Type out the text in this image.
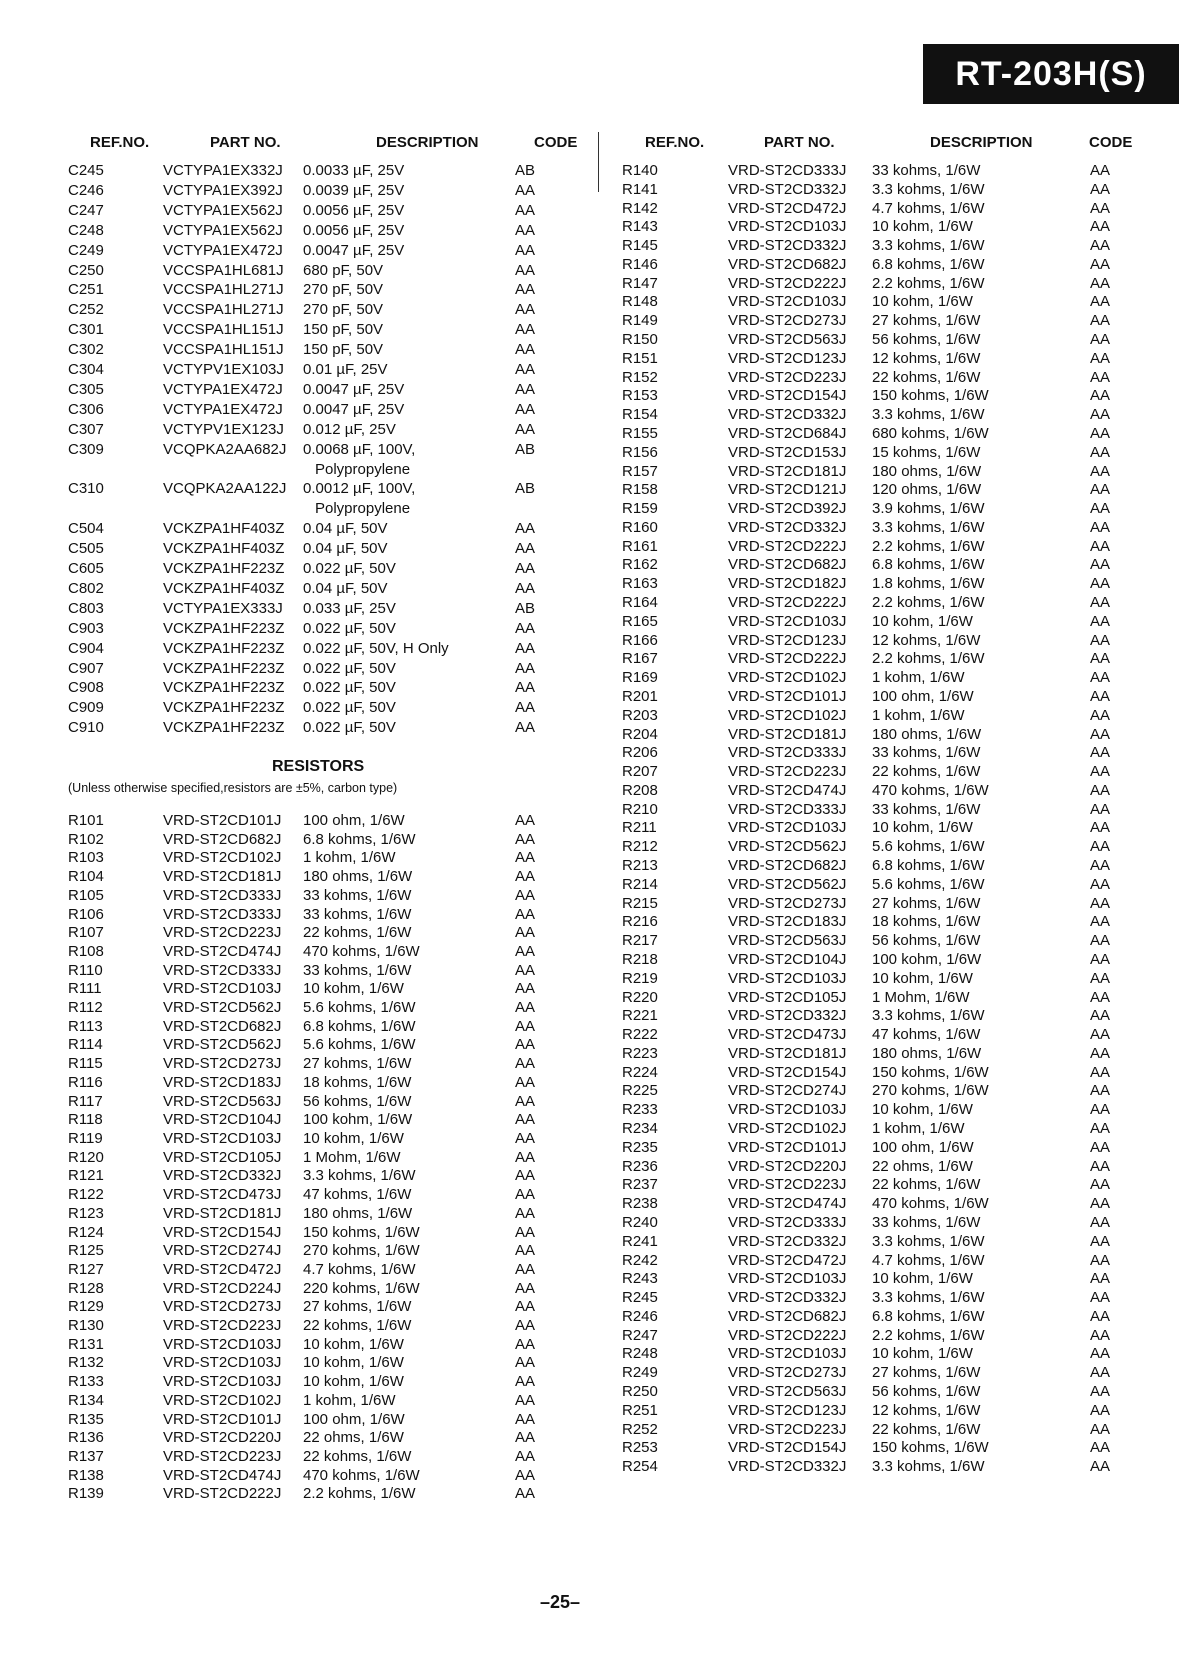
RT-203H(S)
REF.NO.	PART NO.	DESCRIPTION	CODE	REF.NO.	PART NO.	DESCRIPTION	CODE
C245	VCTYPA1EX332J 0.0033 µF, 25V	AB
C246	VCTYPA1EX392J 0.0039 µF, 25V	AA
C247	VCTYPA1EX562J 0.0056 µF, 25V	AA
C248	VCTYPA1EX562J 0.0056 µF, 25V	AA
C249	VCTYPA1EX472J 0.0047 µF, 25V	AA
C250	VCCSPA1HL681J 680 pF, 50V	AA
C251	VCCSPA1HL271J 270 pF, 50V	AA
C252	VCCSPA1HL271J 270 pF, 50V	AA
C301	VCCSPA1HL151J 150 pF, 50V	AA
C302	VCCSPA1HL151J 150 pF, 50V	AA
C304	VCTYPV1EX103J 0.01 µF, 25V	AA
C305	VCTYPA1EX472J 0.0047 µF, 25V	AA
C306	VCTYPA1EX472J 0.0047 µF, 25V	AA
C307	VCTYPV1EX123J 0.012 µF, 25V	AA
C309	VCQPKA2AA682J 0.0068 µF, 100V,	AB
Polypropylene
C310	VCQPKA2AA122J 0.0012 µF, 100V,	AB
Polypropylene
C504	VCKZPA1HF403Z 0.04 µF, 50V	AA
C505	VCKZPA1HF403Z 0.04 µF, 50V	AA
C605	VCKZPA1HF223Z 0.022 µF, 50V	AA
C802	VCKZPA1HF403Z 0.04 µF, 50V	AA
C803	VCTYPA1EX333J 0.033 µF, 25V	AB
C903	VCKZPA1HF223Z 0.022 µF, 50V	AA
C904	VCKZPA1HF223Z 0.022 µF, 50V, H Only	AA
C907	VCKZPA1HF223Z 0.022 µF, 50V	AA
C908	VCKZPA1HF223Z 0.022 µF, 50V	AA
C909	VCKZPA1HF223Z 0.022 µF, 50V	AA
C910	VCKZPA1HF223Z 0.022 µF, 50V	AA
R101	VRD-ST2CD101J 100 ohm, 1/6W	AA
R102	VRD-ST2CD682J 6.8 kohms, 1/6W	AA
R103	VRD-ST2CD102J 1 kohm, 1/6W	AA
R104	VRD-ST2CD181J 180 ohms, 1/6W	AA
R105	VRD-ST2CD333J 33 kohms, 1/6W	AA
R106	VRD-ST2CD333J 33 kohms, 1/6W	AA
R107	VRD-ST2CD223J 22 kohms, 1/6W	AA
R108	VRD-ST2CD474J 470 kohms, 1/6W	AA
R110	VRD-ST2CD333J 33 kohms, 1/6W	AA
R111	VRD-ST2CD103J 10 kohm, 1/6W	AA
R112	VRD-ST2CD562J 5.6 kohms, 1/6W	AA
R113	VRD-ST2CD682J 6.8 kohms, 1/6W	AA
R114	VRD-ST2CD562J 5.6 kohms, 1/6W	AA
R115	VRD-ST2CD273J 27 kohms, 1/6W	AA
R116	VRD-ST2CD183J 18 kohms, 1/6W	AA
R117	VRD-ST2CD563J 56 kohms, 1/6W	AA
R118	VRD-ST2CD104J 100 kohm, 1/6W	AA
R119	VRD-ST2CD103J 10 kohm, 1/6W	AA
R120	VRD-ST2CD105J 1 Mohm, 1/6W	AA
R121	VRD-ST2CD332J 3.3 kohms, 1/6W	AA
R122	VRD-ST2CD473J 47 kohms, 1/6W	AA
R123	VRD-ST2CD181J 180 ohms, 1/6W	AA
R124	VRD-ST2CD154J 150 kohms, 1/6W	AA
R125	VRD-ST2CD274J 270 kohms, 1/6W	AA
R127	VRD-ST2CD472J 4.7 kohms, 1/6W	AA
R128	VRD-ST2CD224J 220 kohms, 1/6W	AA
R129	VRD-ST2CD273J 27 kohms, 1/6W	AA
R130	VRD-ST2CD223J 22 kohms, 1/6W	AA
R131	VRD-ST2CD103J 10 kohm, 1/6W	AA
R132	VRD-ST2CD103J 10 kohm, 1/6W	AA
R133	VRD-ST2CD103J 10 kohm, 1/6W	AA
R134	VRD-ST2CD102J 1 kohm, 1/6W	AA
R135	VRD-ST2CD101J 100 ohm, 1/6W	AA
R136	VRD-ST2CD220J 22 ohms, 1/6W	AA
R137	VRD-ST2CD223J 22 kohms, 1/6W	AA
R138	VRD-ST2CD474J 470 kohms, 1/6W	AA
R139	VRD-ST2CD222J 2.2 kohms, 1/6W	AA
R140	VRD-ST2CD333J 33 kohms, 1/6W	AA
R141	VRD-ST2CD332J 3.3 kohms, 1/6W	AA
R142	VRD-ST2CD472J 4.7 kohms, 1/6W	AA
R143	VRD-ST2CD103J 10 kohm, 1/6W	AA
R145	VRD-ST2CD332J 3.3 kohms, 1/6W	AA
R146	VRD-ST2CD682J 6.8 kohms, 1/6W	AA
R147	VRD-ST2CD222J 2.2 kohms, 1/6W	AA
R148	VRD-ST2CD103J 10 kohm, 1/6W	AA
R149	VRD-ST2CD273J 27 kohms, 1/6W	AA
R150	VRD-ST2CD563J 56 kohms, 1/6W	AA
R151	VRD-ST2CD123J 12 kohms, 1/6W	AA
R152	VRD-ST2CD223J 22 kohms, 1/6W	AA
R153	VRD-ST2CD154J 150 kohms, 1/6W	AA
R154	VRD-ST2CD332J 3.3 kohms, 1/6W	AA
R155	VRD-ST2CD684J 680 kohms, 1/6W	AA
R156	VRD-ST2CD153J 15 kohms, 1/6W	AA
R157	VRD-ST2CD181J 180 ohms, 1/6W	AA
R158	VRD-ST2CD121J 120 ohms, 1/6W	AA
R159	VRD-ST2CD392J 3.9 kohms, 1/6W	AA
R160	VRD-ST2CD332J 3.3 kohms, 1/6W	AA
R161	VRD-ST2CD222J 2.2 kohms, 1/6W	AA
R162	VRD-ST2CD682J 6.8 kohms, 1/6W	AA
R163	VRD-ST2CD182J 1.8 kohms, 1/6W	AA
R164	VRD-ST2CD222J 2.2 kohms, 1/6W	AA
R165	VRD-ST2CD103J 10 kohm, 1/6W	AA
R166	VRD-ST2CD123J 12 kohms, 1/6W	AA
R167	VRD-ST2CD222J 2.2 kohms, 1/6W	AA
R169	VRD-ST2CD102J 1 kohm, 1/6W	AA
R201	VRD-ST2CD101J 100 ohm, 1/6W	AA
R203	VRD-ST2CD102J 1 kohm, 1/6W	AA
R204	VRD-ST2CD181J 180 ohms, 1/6W	AA
R206	VRD-ST2CD333J 33 kohms, 1/6W	AA
R207	VRD-ST2CD223J 22 kohms, 1/6W	AA
R208	VRD-ST2CD474J 470 kohms, 1/6W	AA
R210	VRD-ST2CD333J 33 kohms, 1/6W	AA
R211	VRD-ST2CD103J 10 kohm, 1/6W	AA
R212	VRD-ST2CD562J 5.6 kohms, 1/6W	AA
R213	VRD-ST2CD682J 6.8 kohms, 1/6W	AA
R214	VRD-ST2CD562J 5.6 kohms, 1/6W	AA
R215	VRD-ST2CD273J 27 kohms, 1/6W	AA
R216	VRD-ST2CD183J 18 kohms, 1/6W	AA
R217	VRD-ST2CD563J 56 kohms, 1/6W	AA
R218	VRD-ST2CD104J 100 kohm, 1/6W	AA
R219	VRD-ST2CD103J 10 kohm, 1/6W	AA
R220	VRD-ST2CD105J 1 Mohm, 1/6W	AA
R221	VRD-ST2CD332J 3.3 kohms, 1/6W	AA
R222	VRD-ST2CD473J 47 kohms, 1/6W	AA
R223	VRD-ST2CD181J 180 ohms, 1/6W	AA
R224	VRD-ST2CD154J 150 kohms, 1/6W	AA
R225	VRD-ST2CD274J 270 kohms, 1/6W	AA
R233	VRD-ST2CD103J 10 kohm, 1/6W	AA
R234	VRD-ST2CD102J 1 kohm, 1/6W	AA
R235	VRD-ST2CD101J 100 ohm, 1/6W	AA
R236	VRD-ST2CD220J 22 ohms, 1/6W	AA
R237	VRD-ST2CD223J 22 kohms, 1/6W	AA
R238	VRD-ST2CD474J 470 kohms, 1/6W	AA
R240	VRD-ST2CD333J 33 kohms, 1/6W	AA
R241	VRD-ST2CD332J 3.3 kohms, 1/6W	AA
R242	VRD-ST2CD472J 4.7 kohms, 1/6W	AA
R243	VRD-ST2CD103J 10 kohm, 1/6W	AA
R245	VRD-ST2CD332J 3.3 kohms, 1/6W	AA
R246	VRD-ST2CD682J 6.8 kohms, 1/6W	AA
R247	VRD-ST2CD222J 2.2 kohms, 1/6W	AA
R248	VRD-ST2CD103J 10 kohm, 1/6W	AA
R249	VRD-ST2CD273J 27 kohms, 1/6W	AA
R250	VRD-ST2CD563J 56 kohms, 1/6W	AA
R251	VRD-ST2CD123J 12 kohms, 1/6W	AA
R252	VRD-ST2CD223J 22 kohms, 1/6W	AA
R253	VRD-ST2CD154J 150 kohms, 1/6W	AA
R254	VRD-ST2CD332J 3.3 kohms, 1/6W	AA
RESISTORS
(Unless otherwise specified,resistors are ±5%, carbon type)
–25–
